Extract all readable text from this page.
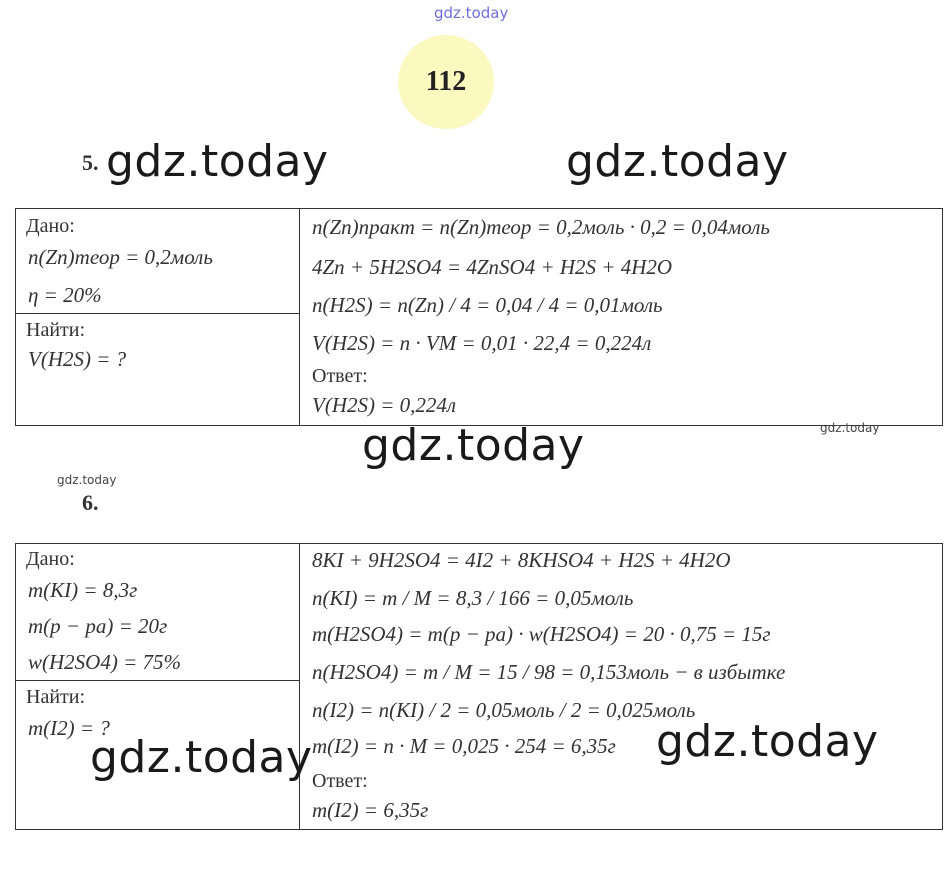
gdz.today
112
5. gdz.today	gdz.today
Дано:
n(Zn)теор = 0,2моль
η = 20%
Найти:
V(H2S) = ?
n(Zn)практ = n(Zn)теор = 0,2моль · 0,2 = 0,04моль
4Zn + 5H2SO4 = 4ZnSO4 + H2S + 4H2O
n(H2S) = n(Zn) / 4 = 0,04 / 4 = 0,01моль
V(H2S) = n · VM = 0,01 · 22,4 = 0,224л
Ответ:
V(H2S) = 0,224л
gdz.today	gdz.today
gdz.today
6.
Дано:
m(KI) = 8,3г
m(p − pa) = 20г
w(H2SO4) = 75%
Найти:
m(I2) = ?
8KI + 9H2SO4 = 4I2 + 8KHSO4 + H2S + 4H2O
n(KI) = m / M = 8,3 / 166 = 0,05моль
m(H2SO4) = m(p − pa) · w(H2SO4) = 20 · 0,75 = 15г
n(H2SO4) = m / M = 15 / 98 = 0,153моль − в избытке
n(I2) = n(KI) / 2 = 0,05моль / 2 = 0,025моль
m(I2) = n · M = 0,025 · 254 = 6,35г
Ответ:
m(I2) = 6,35г
gdz.today	gdz.today
